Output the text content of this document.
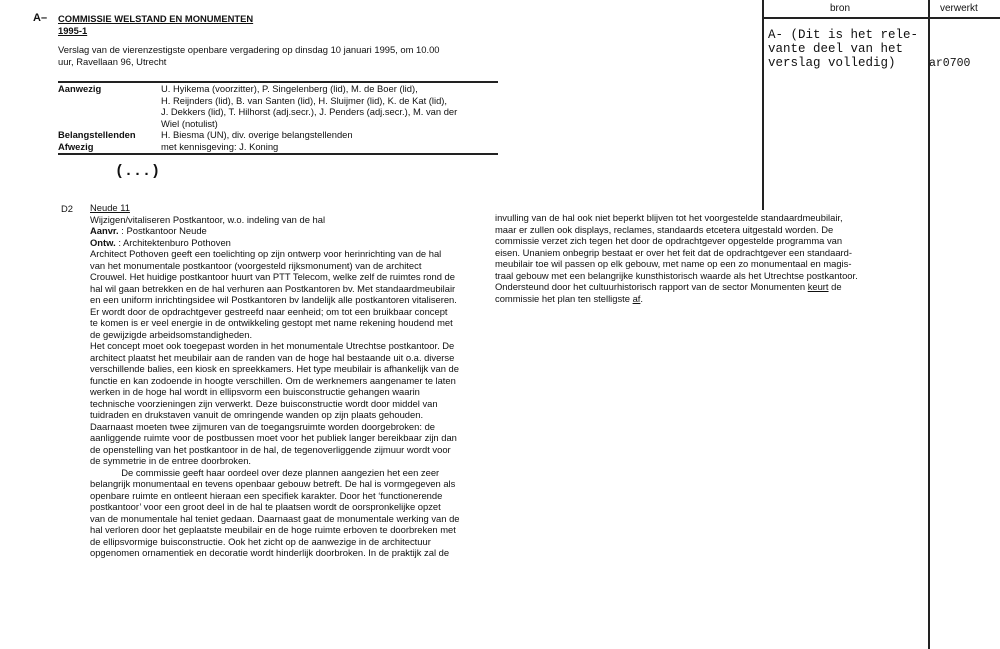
A– COMMISSIE WELSTAND EN MONUMENTEN
1995-1
Verslag van de vierenzestigste openbare vergadering op dinsdag 10 januari 1995, om 10.00
uur, Ravellaan 96, Utrecht
Aanwezig	U. Hyikema (voorzitter), P. Singelenberg (lid), M. de Boer (lid),
H. Reijnders (lid), B. van Santen (lid), H. Sluijmer (lid), K. de Kat (lid),
J. Dekkers (lid), T. Hilhorst (adj.secr.), J. Penders (adj.secr.), M. van der
Wiel (notulist)

Belangstellenden	H. Biesma (UN), div. overige belangstellenden
Afwezig	met kennisgeving: J. Koning
(...)
D2 Neude 11
Wijzigen/vitaliseren Postkantoor, w.o. indeling van de hal
Aanvr. : Postkantoor Neude
Ontw. : Architektenburo Pothoven
Architect Pothoven geeft een toelichting op zijn ontwerp voor herinrichting van de hal
van het monumentale postkantoor (voorgesteld rijksmonument) van de architect
Crouwel. Het huidige postkantoor huurt van PTT Telecom, welke zelf de ruimtes rond de
hal wil gaan betrekken en de hal verhuren aan Postkantoren bv. Met standaardmeubilair
en een uniform inrichtingsidee wil Postkantoren bv landelijk alle postkantoren vitaliseren.
Er wordt door de opdrachtgever gestreefd naar eenheid; om tot een bruikbaar concept
te komen is er veel energie in de ontwikkeling gestopt met name rekening houdend met
de gewijzigde arbeidsomstandigheden.
Het concept moet ook toegepast worden in het monumentale Utrechtse postkantoor. De
architect plaatst het meubilair aan de randen van de hoge hal bestaande uit o.a. diverse
verschillende balies, een kiosk en spreekkamers. Het type meubilair is afhankelijk van de
functie en kan zodoende in hoogte verschillen. Om de werknemers aangenamer te laten
werken in de hoge hal wordt in ellipsvorm een buisconstructie gehangen waarin
technische voorzieningen zijn verwerkt. Deze buisconstructie wordt door middel van
tuidraden en drukstaven vanuit de omringende wanden op zijn plaats gehouden.
Daarnaast moeten twee zijmuren van de toegangsruimte worden doorgebroken: de
aanliggende ruimte voor de postbussen moet voor het publiek langer bereikbaar zijn dan
de openstelling van het postkantoor in de hal, de tegenoverliggende zijmuur wordt voor
de symmetrie in de entree doorbroken.
De commissie geeft haar oordeel over deze plannen aangezien het een zeer
belangrijk monumentaal en tevens openbaar gebouw betreft. De hal is vormgegeven als
openbare ruimte en ontleent hieraan een specifiek karakter. Door het ‘functionerende
postkantoor’ voor een groot deel in de hal te plaatsen wordt de oorspronkelijke opzet
van de monumentale hal teniet gedaan. Daarnaast gaat de monumentale werking van de
hal verloren door het geplaatste meubilair en de hoge ruimte erboven te doorbreken met
de ellipsvormige buisconstructie. Ook het zicht op de aanwezige in de architectuur
opgenomen ornamentiek en decoratie wordt hinderlijk doorbroken. In de praktijk zal de
invulling van de hal ook niet beperkt blijven tot het voorgestelde standaardmeubilair,
maar er zullen ook displays, reclames, standaards etcetera uitgestald worden. De
commissie verzet zich tegen het door de opdrachtgever opgestelde programma van
eisen. Unaniem onbegrip bestaat er over het feit dat de opdrachtgever een standaard-
meubilair toe wil passen op elk gebouw, met name op een zo monumentaal en magis-
traal gebouw met een belangrijke kunsthistorisch waarde als het Utrechtse postkantoor.
Ondersteund door het cultuurhistorisch rapport van de sector Monumenten keurt de
commissie het plan ten stelligste af.
bron	verwerkt
A- (Dit is het rele-
vante deel van het
verslag volledig)	ar0700
